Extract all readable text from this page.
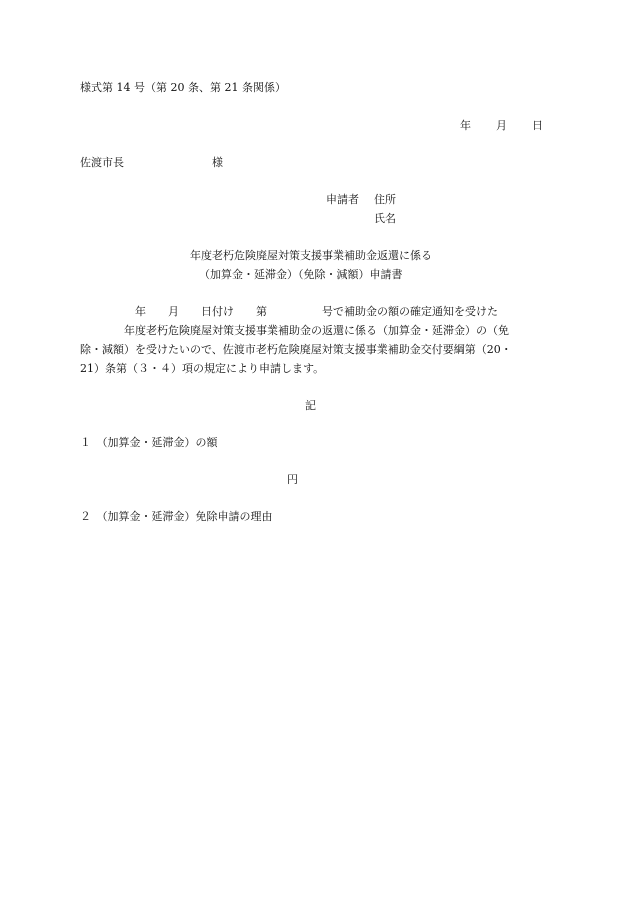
様式第 14 号（第 20 条、第 21 条関係）
年　　月　　日
佐渡市長　　　　　　　　様
申請者 住所
氏名
年度老朽危険廃屋対策支援事業補助金返還に係る
（加算金・延滞金）（免除・減額）申請書
　　　　　年　　月　　日付け　　第　　　　　号で補助金の額の確定通知を受けた
　　　　年度老朽危険廃屋対策支援事業補助金の返還に係る（加算金・延滞金）の（免
除・減額）を受けたいので、佐渡市老朽危険廃屋対策支援事業補助金交付要綱第（20・
21）条第（３・４）項の規定により申請します。
記
１　（加算金・延滞金）の額
円
２　（加算金・延滞金）免除申請の理由
